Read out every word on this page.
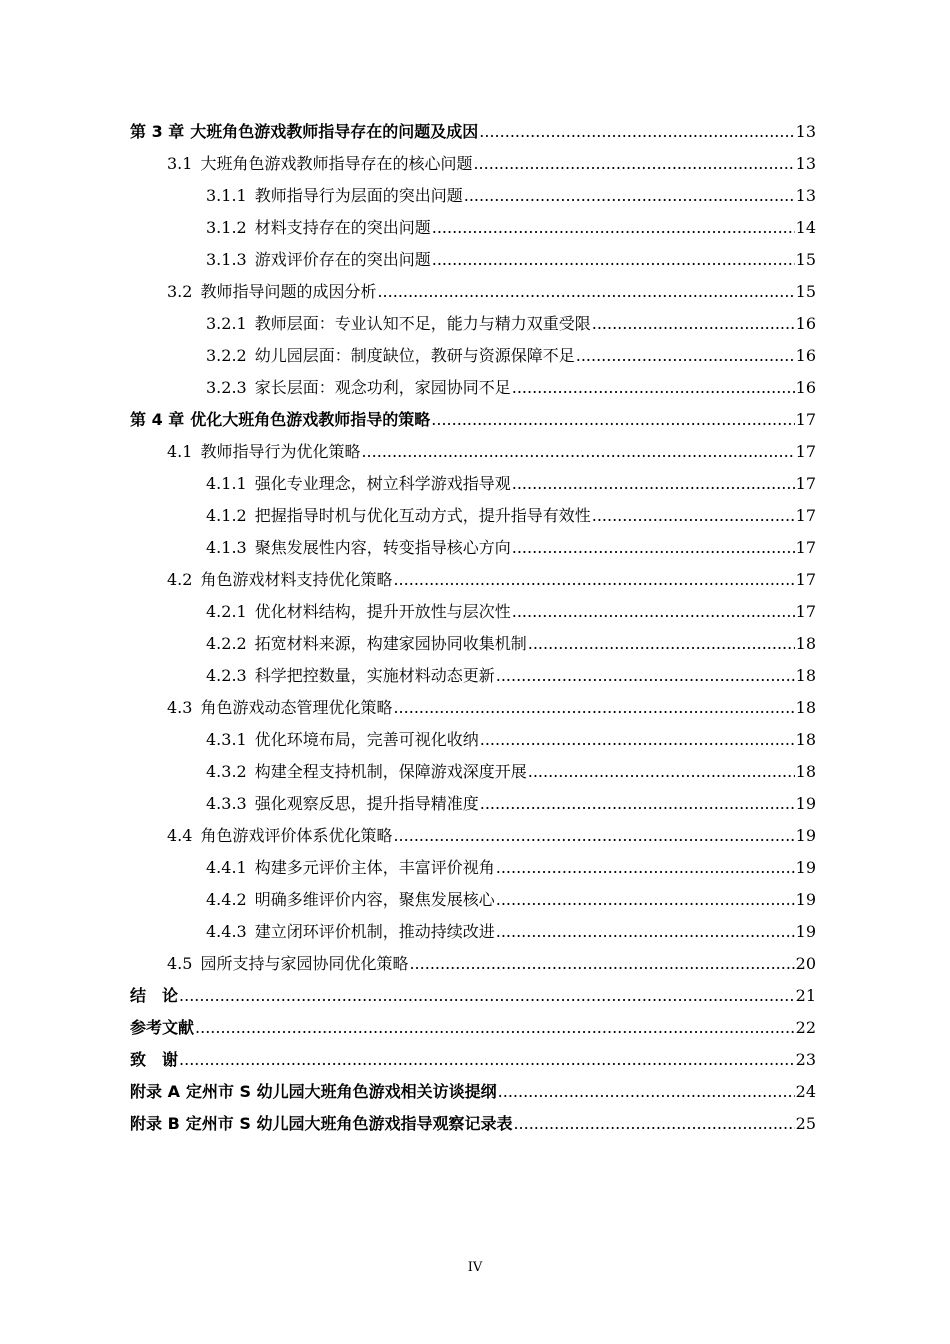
第 3 章 大班角色游戏教师指导存在的问题及成因 .....	13
3.1 大班角色游戏教师指导存在的核心问题 .....	13
3.1.1 教师指导行为层面的突出问题 .....	13
3.1.2 材料支持存在的突出问题 .....	14
3.1.3 游戏评价存在的突出问题 .....	15
3.2 教师指导问题的成因分析 .....	15
3.2.1 教师层面：专业认知不足，能力与精力双重受限 .....	16
3.2.2 幼儿园层面：制度缺位，教研与资源保障不足 .....	16
3.2.3 家长层面：观念功利，家园协同不足 .....	16
第 4 章 优化大班角色游戏教师指导的策略 .....	17
4.1 教师指导行为优化策略 .....	17
4.1.1 强化专业理念，树立科学游戏指导观 .....	17
4.1.2 把握指导时机与优化互动方式，提升指导有效性 .....	17
4.1.3 聚焦发展性内容，转变指导核心方向 .....	17
4.2 角色游戏材料支持优化策略 .....	17
4.2.1 优化材料结构，提升开放性与层次性 .....	17
4.2.2 拓宽材料来源，构建家园协同收集机制 .....	18
4.2.3 科学把控数量，实施材料动态更新 .....	18
4.3 角色游戏动态管理优化策略 .....	18
4.3.1 优化环境布局，完善可视化收纳 .....	18
4.3.2 构建全程支持机制，保障游戏深度开展 .....	18
4.3.3 强化观察反思，提升指导精准度 .....	19
4.4 角色游戏评价体系优化策略 .....	19
4.4.1 构建多元评价主体，丰富评价视角 .....	19
4.4.2 明确多维评价内容，聚焦发展核心 .....	19
4.4.3 建立闭环评价机制，推动持续改进 .....	19
4.5 园所支持与家园协同优化策略 .....	20
结　论 .....	21
参考文献 .....	22
致　谢 .....	23
附录 A 定州市 S 幼儿园大班角色游戏相关访谈提纲 .....	24
附录 B 定州市 S 幼儿园大班角色游戏指导观察记录表 .....	25
IV
